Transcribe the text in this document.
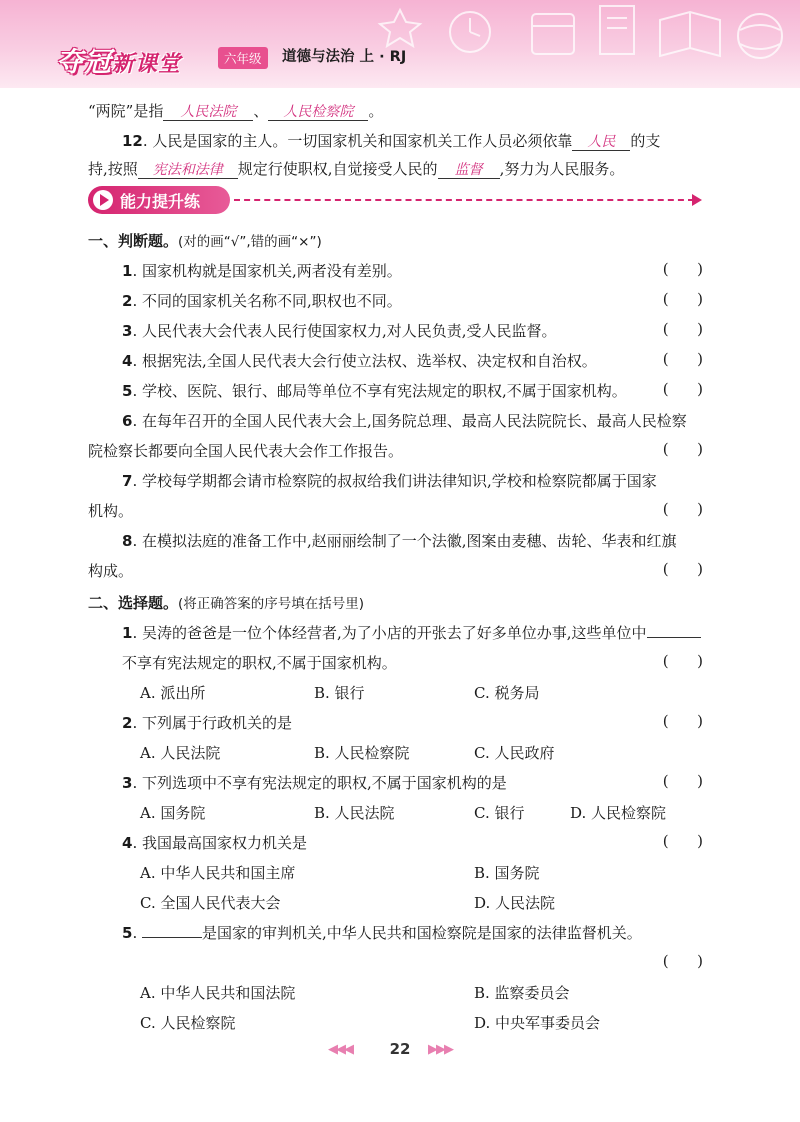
夺冠新课堂	六年级	道德与法治 上 · RJ
“两院”是指 人民法院 、 人民检察院 。
12. 人民是国家的主人。一切国家机关和国家机关工作人员必须依靠 人民 的支
持,按照 宪法和法律 规定行使职权,自觉接受人民的 监督 ,努力为人民服务。
能力提升练
一、判断题。(对的画“√”,错的画“×”)
1. 国家机构就是国家机关,两者没有差别。	(      )
2. 不同的国家机关名称不同,职权也不同。	(      )
3. 人民代表大会代表人民行使国家权力,对人民负责,受人民监督。	(      )
4. 根据宪法,全国人民代表大会行使立法权、选举权、决定权和自治权。	(      )
5. 学校、医院、银行、邮局等单位不享有宪法规定的职权,不属于国家机构。 (      )
6. 在每年召开的全国人民代表大会上,国务院总理、最高人民法院院长、最高人民检察
院检察长都要向全国人民代表大会作工作报告。	(      )
7. 学校每学期都会请市检察院的叔叔给我们讲法律知识,学校和检察院都属于国家
机构。	(      )
8. 在模拟法庭的准备工作中,赵丽丽绘制了一个法徽,图案由麦穗、齿轮、华表和红旗
构成。	(      )
二、选择题。(将正确答案的序号填在括号里)
1. 吴涛的爸爸是一位个体经营者,为了小店的开张去了好多单位办事,这些单位中
不享有宪法规定的职权,不属于国家机构。	(      )
A. 派出所	B. 银行	C. 税务局
2. 下列属于行政机关的是	(      )
A. 人民法院	B. 人民检察院	C. 人民政府
3. 下列选项中不享有宪法规定的职权,不属于国家机构的是	(      )
A. 国务院	B. 人民法院	C. 银行	D. 人民检察院
4. 我国最高国家权力机关是	(      )
A. 中华人民共和国主席	B. 国务院
C. 全国人民代表大会	D. 人民法院
5.	是国家的审判机关,中华人民共和国检察院是国家的法律监督机关。
(      )
A. 中华人民共和国法院	B. 监察委员会
C. 人民检察院	D. 中央军事委员会
◀◀◀	22	▶▶▶
